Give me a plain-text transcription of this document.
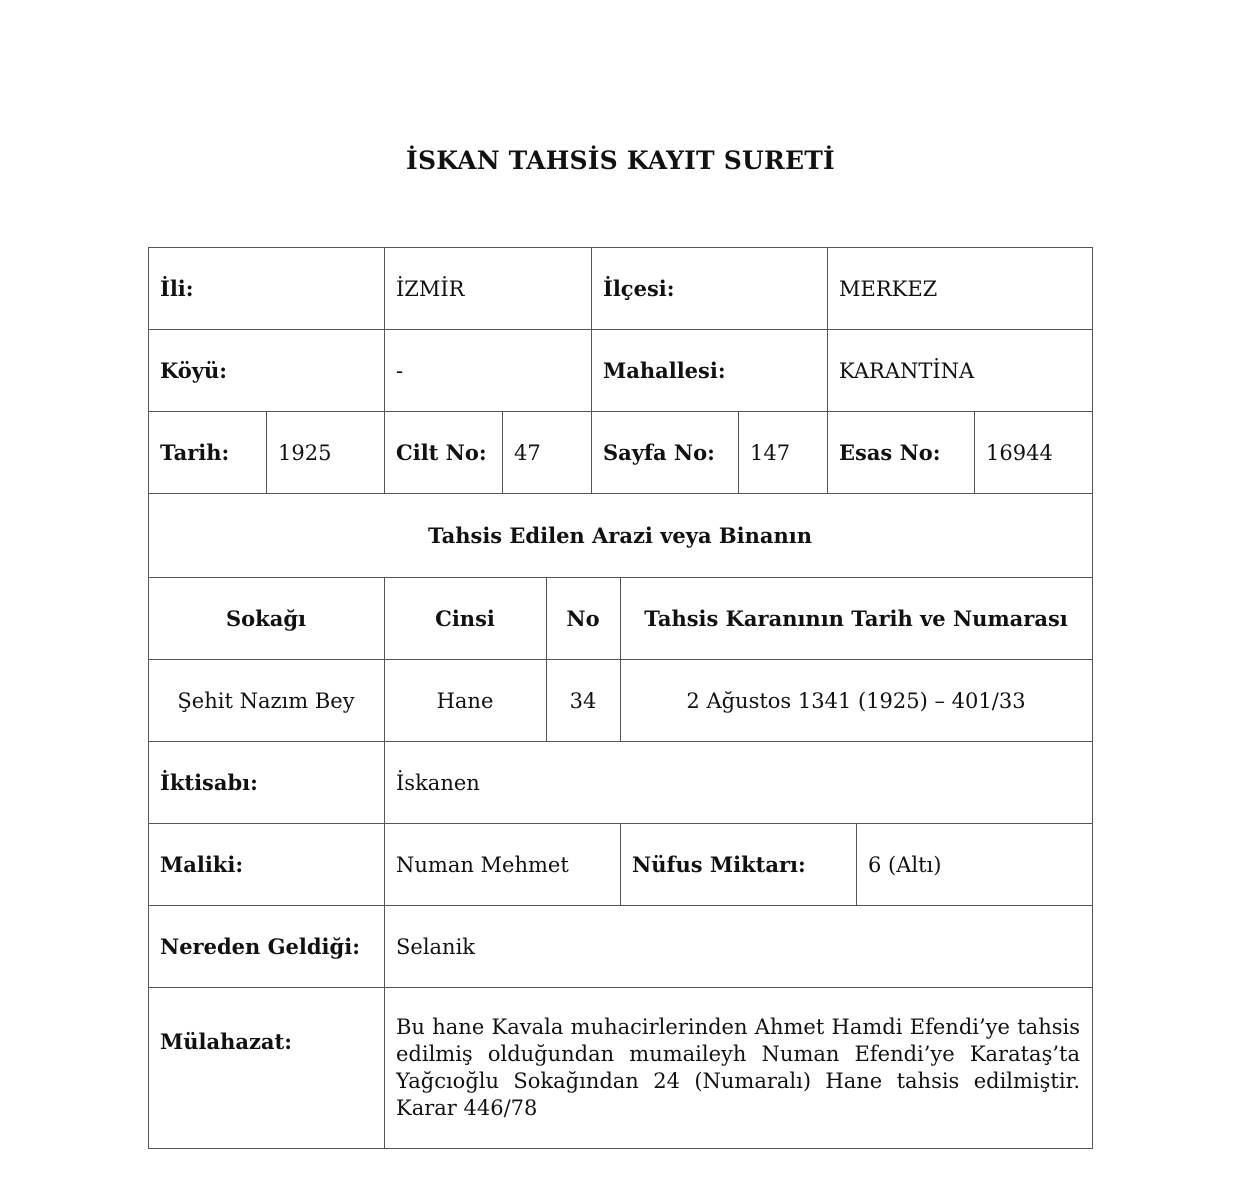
İSKAN TAHSİS KAYIT SURETİ
İli:	İZMİR	İlçesi:	MERKEZ
Köyü:	-	Mahallesi:	KARANTİNA
Tarih:	1925	Cilt No:	47	Sayfa No:	147	Esas No:	16944
Tahsis Edilen Arazi veya Binanın
Sokağı	Cinsi	No	Tahsis Karanının Tarih ve Numarası
Şehit Nazım Bey	Hane	34	2 Ağustos 1341 (1925) – 401/33
İktisabı:	İskanen
Maliki:	Numan Mehmet	Nüfus Miktarı:	6 (Altı)
Nereden Geldiği:	Selanik
Mülahazat:
Bu hane Kavala muhacirlerinden Ahmet Hamdi Efendi’ye tahsis edilmiş olduğundan mumaileyh Numan Efendi’ye Karataş’ta Yağcıoğlu Sokağından 24 (Numaralı) Hane tahsis edilmiştir. Karar 446/78
